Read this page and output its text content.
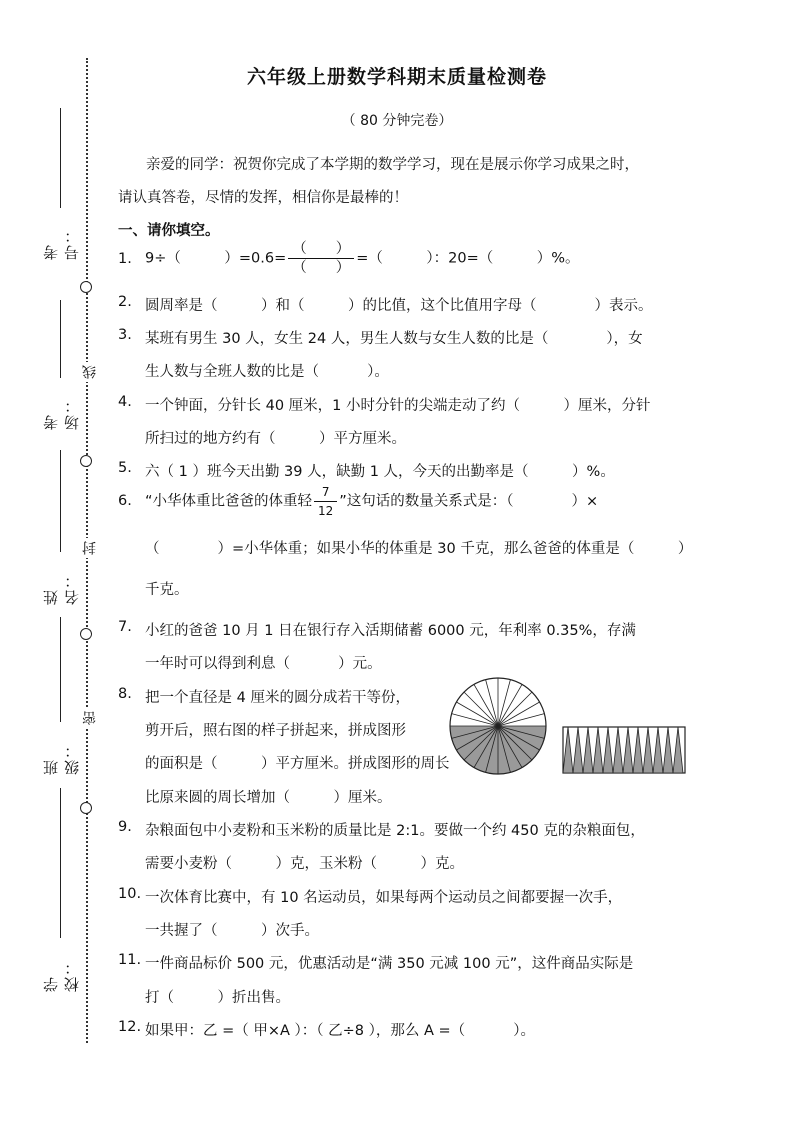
考号：
考场：
线
姓名：
封
班级：
密
学校：
六年级上册数学科期末质量检测卷
（ 80 分钟完卷）
亲爱的同学：祝贺你完成了本学期的数学学习，现在是展示你学习成果之时，
请认真答卷，尽情的发挥，相信你是最棒的！
一、请你填空。
1. 9÷（　　　）$=0.6= \frac{( )}{( )}$ =（　　　）：20=（　　　）%。
2. 圆周率是（　　　）和（　　　）的比值，这个比值用字母（　　　　）表示。
3. 某班有男生 30 人，女生 24 人，男生人数与女生人数的比是（　　　　），女
生人数与全班人数的比是（　　　 ）。
4. 一个钟面，分针长 40 厘米，1 小时分针的尖端走动了约（　　　）厘米，分针
所扫过的地方约有（　　　）平方厘米。
5. 六（ 1 ）班今天出勤 39 人，缺勤 1 人，今天的出勤率是（　　　）%。
6. “小华体重比爸爸的体重轻 $\frac{7}{12}$ ”这句话的数量关系式是：（　　　　）×
（　　　　）=小华体重；如果小华的体重是 30 千克，那么爸爸的体重是（　　　）
千克。
7. 小红的爸爸 10 月 1 日在银行存入活期储蓄 6000 元，年利率 0.35%，存满
一年时可以得到利息（　　　 ）元。
8. 把一个直径是 4 厘米的圆分成若干等份，
剪开后，照右图的样子拼起来，拼成图形
的面积是（　　　）平方厘米。拼成图形的周长
比原来圆的周长增加（　　　）厘米。
9. 杂粮面包中小麦粉和玉米粉的质量比是 2:1。要做一个约 450 克的杂粮面包，
需要小麦粉（　　　）克，玉米粉（　　　）克。
10. 一次体育比赛中，有 10 名运动员，如果每两个运动员之间都要握一次手，
一共握了（　　　）次手。
11. 一件商品标价 500 元，优惠活动是“满 350 元减 100 元”，这件商品实际是
打（　　　）折出售。
12. 如果甲：乙 =（ 甲×A ）：（ 乙÷8 ），那么 A =（　　　 ）。
